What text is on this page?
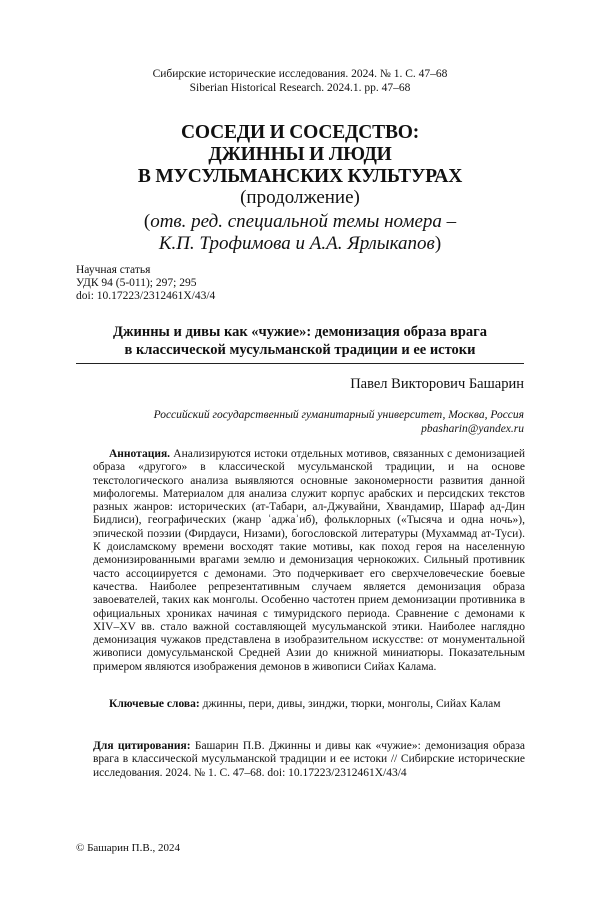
Сибирские исторические исследования. 2024. № 1. С. 47–68
Siberian Historical Research. 2024.1. pp. 47–68
СОСЕДИ И СОСЕДСТВО:
ДЖИННЫ И ЛЮДИ
В МУСУЛЬМАНСКИХ КУЛЬТУРАХ
(продолжение)
(отв. ред. специальной темы номера –
К.П. Трофимова и А.А. Ярлыкапов)
Научная статья
УДК 94 (5-011); 297; 295
doi: 10.17223/2312461X/43/4
Джинны и дивы как «чужие»: демонизация образа врага
в классической мусульманской традиции и ее истоки
Павел Викторович Башарин
Российский государственный гуманитарный университет, Москва, Россия
pbasharin@yandex.ru

Аннотация. Анализируются истоки отдельных мотивов, связанных с демонизацией образа «другого» в классической мусульманской традиции, и на основе текстологического анализа выявляются основные закономерности развития данной мифологемы. Материалом для анализа служит корпус арабских и персидских текстов разных жанров: исторических (ат-Табари, ал-Джувайни, Хвандамир, Шараф ад-Дин Бидлиси), географических (жанр ʿаджаʾиб), фольклорных («Тысяча и одна ночь»), эпической поэзии (Фирдауси, Низами), богословской литературы (Мухаммад ат-Туси). К доисламскому времени восходят такие мотивы, как поход героя на населенную демонизированными врагами землю и демонизация чернокожих. Сильный противник часто ассоциируется с демонами. Это подчеркивает его сверхчеловеческие боевые качества. Наиболее репрезентативным случаем является демонизация образа завоевателей, таких как монголы. Особенно частотен прием демонизации противника в официальных хрониках начиная с тимуридского периода. Сравнение с демонами к XIV–XV вв. стало важной составляющей мусульманской этики. Наиболее наглядно демонизация чужаков представлена в изобразительном искусстве: от монументальной живописи домусульманской Средней Азии до книжной миниатюры. Показательным примером являются изображения демонов в живописи Сийах Калама.

Ключевые слова: джинны, пери, дивы, зинджи, тюрки, монголы, Сийах Калам

Для цитирования: Башарин П.В. Джинны и дивы как «чужие»: демонизация образа врага в классической мусульманской традиции и ее истоки // Сибирские исторические исследования. 2024. № 1. С. 47–68. doi: 10.17223/2312461X/43/4

© Башарин П.В., 2024
